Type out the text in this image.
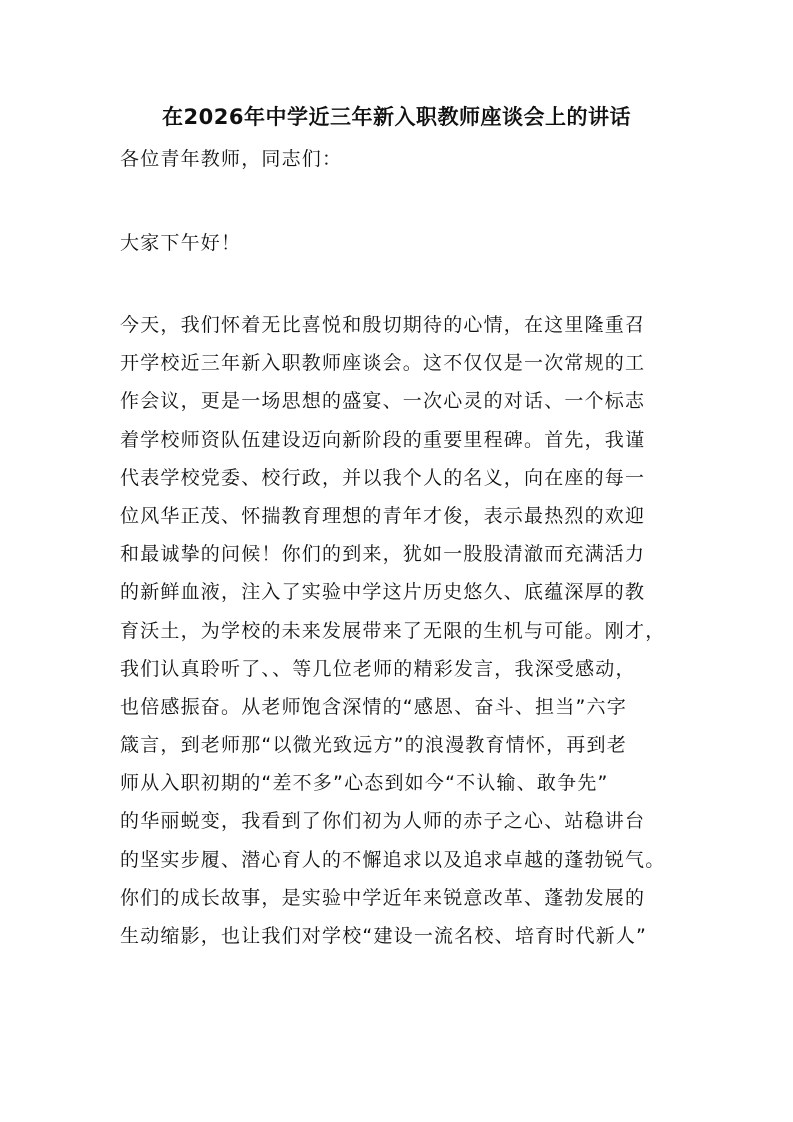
在2026年中学近三年新入职教师座谈会上的讲话
各位青年教师，同志们：
大家下午好！
今天，我们怀着无比喜悦和殷切期待的心情，在这里隆重召
开学校近三年新入职教师座谈会。这不仅仅是一次常规的工
作会议，更是一场思想的盛宴、一次心灵的对话、一个标志
着学校师资队伍建设迈向新阶段的重要里程碑。首先，我谨
代表学校党委、校行政，并以我个人的名义，向在座的每一
位风华正茂、怀揣教育理想的青年才俊，表示最热烈的欢迎
和最诚挚的问候！你们的到来，犹如一股股清澈而充满活力
的新鲜血液，注入了实验中学这片历史悠久、底蕴深厚的教
育沃土，为学校的未来发展带来了无限的生机与可能。刚才，
我们认真聆听了、、等几位老师的精彩发言，我深受感动，
也倍感振奋。从老师饱含深情的“感恩、奋斗、担当”六字
箴言，到老师那“以微光致远方”的浪漫教育情怀，再到老
师从入职初期的“差不多”心态到如今“不认输、敢争先”
的华丽蜕变，我看到了你们初为人师的赤子之心、站稳讲台
的坚实步履、潜心育人的不懈追求以及追求卓越的蓬勃锐气。
你们的成长故事，是实验中学近年来锐意改革、蓬勃发展的
生动缩影，也让我们对学校“建设一流名校、培育时代新人”
